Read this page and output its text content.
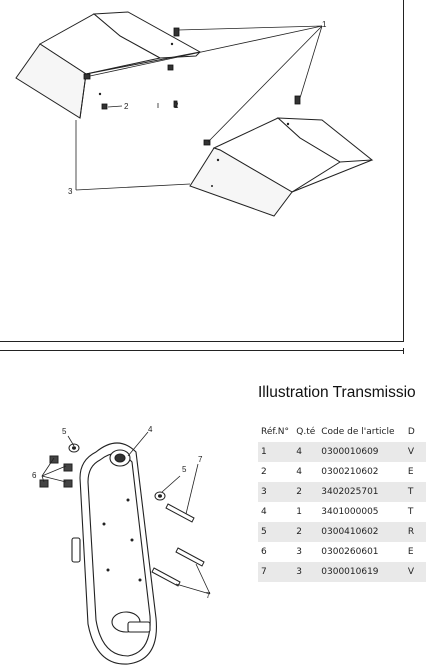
1
2	2
3
5	4
6
5
7
7
Illustration Transmissio
Réf.N°	Q.té	Code de l'article	D
1	4	0300010609	V
2	4	0300210602	E
3	2	3402025701	T
4	1	3401000005	T
5	2	0300410602	R
6	3	0300260601	E
7	3	0300010619	V
